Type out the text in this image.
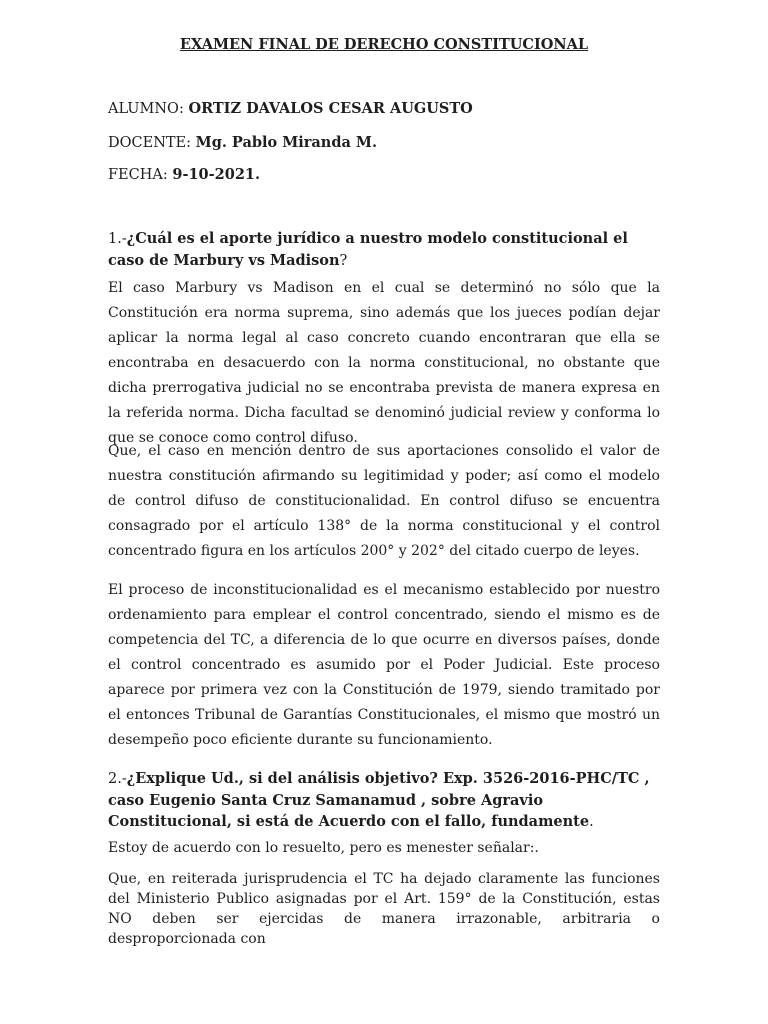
EXAMEN FINAL DE DERECHO CONSTITUCIONAL
ALUMNO: ORTIZ DAVALOS CESAR AUGUSTO
DOCENTE: Mg. Pablo Miranda M.
FECHA: 9-10-2021.
1.-¿Cuál es el aporte jurídico a nuestro modelo constitucional el caso de Marbury vs Madison?
El caso Marbury vs Madison en el cual se determinó no sólo que la Constitución era norma suprema, sino además que los jueces podían dejar aplicar la norma legal al caso concreto cuando encontraran que ella se encontraba en desacuerdo con la norma constitucional, no obstante que dicha prerrogativa judicial no se encontraba prevista de manera expresa en la referida norma. Dicha facultad se denominó judicial review y conforma lo que se conoce como control difuso.
Que, el caso en mención dentro de sus aportaciones consolido el valor de nuestra constitución afirmando su legitimidad y poder; así como el modelo de control difuso de constitucionalidad. En control difuso se encuentra consagrado por el artículo 138° de la norma constitucional y el control concentrado figura en los artículos 200° y 202° del citado cuerpo de leyes.
El proceso de inconstitucionalidad es el mecanismo establecido por nuestro ordenamiento para emplear el control concentrado, siendo el mismo es de competencia del TC, a diferencia de lo que ocurre en diversos países, donde el control concentrado es asumido por el Poder Judicial. Este proceso aparece por primera vez con la Constitución de 1979, siendo tramitado por el entonces Tribunal de Garantías Constitucionales, el mismo que mostró un desempeño poco eficiente durante su funcionamiento.
2.-¿Explique Ud., si del análisis objetivo? Exp. 3526-2016-PHC/TC , caso Eugenio Santa Cruz Samanamud , sobre Agravio Constitucional, si está de Acuerdo con el fallo, fundamente.
Estoy de acuerdo con lo resuelto, pero es menester señalar:.
Que, en reiterada jurisprudencia el TC ha dejado claramente las funciones del Ministerio Publico asignadas por el Art. 159° de la Constitución, estas NO deben ser ejercidas de manera irrazonable, arbitraria o desproporcionada con
